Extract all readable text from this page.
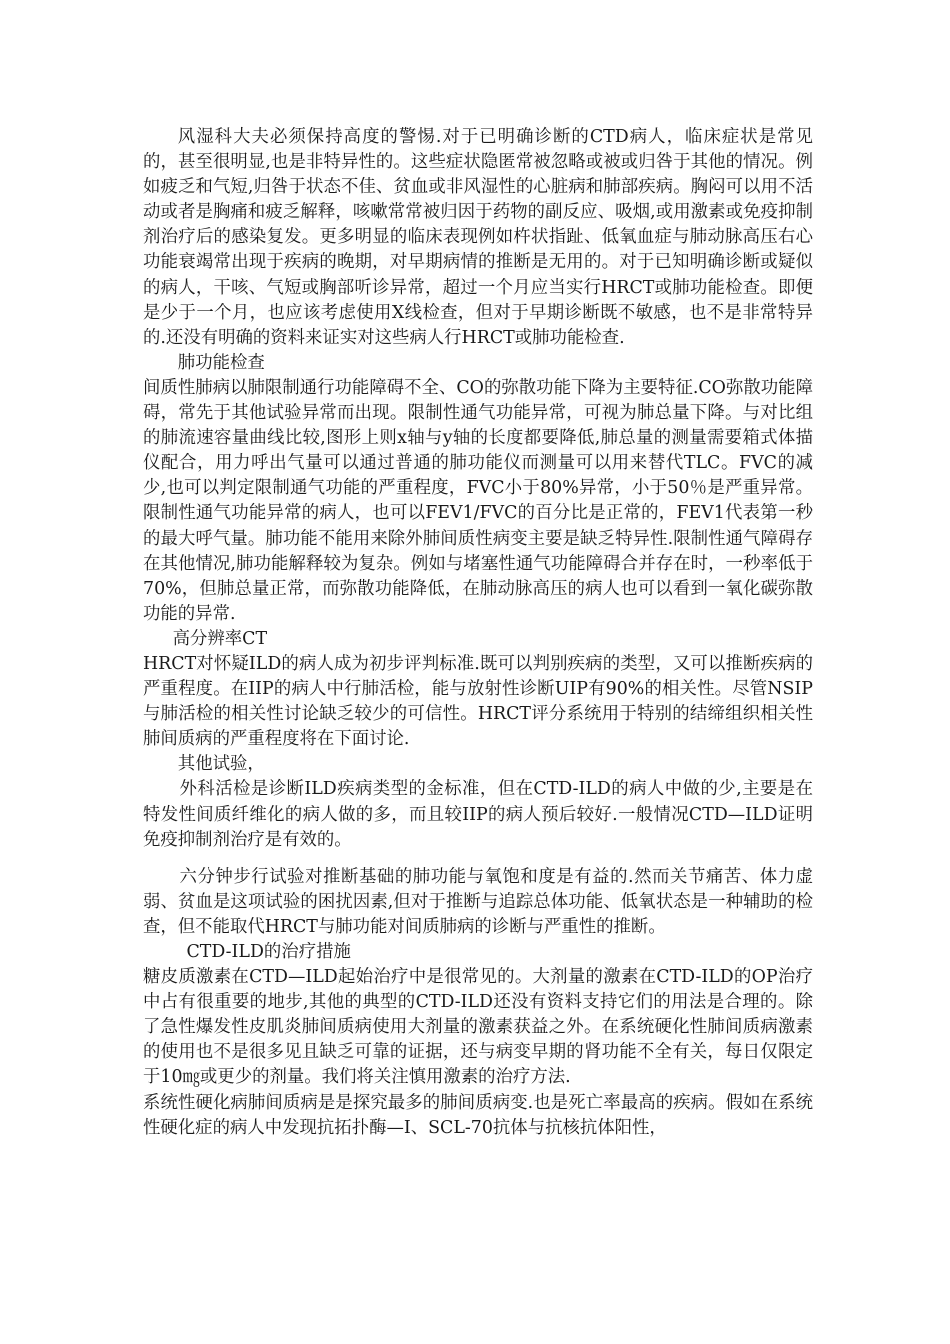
风湿科大夫必须保持高度的警惕.对于已明确诊断的CTD病人，临床症状是常见的，甚至很明显,也是非特异性的。这些症状隐匿常被忽略或被或归咎于其他的情况。例如疲乏和气短,归咎于状态不佳、贫血或非风湿性的心脏病和肺部疾病。胸闷可以用不活动或者是胸痛和疲乏解释，咳嗽常常被归因于药物的副反应、吸烟,或用激素或免疫抑制剂治疗后的感染复发。更多明显的临床表现例如杵状指趾、低氧血症与肺动脉高压右心功能衰竭常出现于疾病的晚期，对早期病情的推断是无用的。对于已知明确诊断或疑似的病人，干咳、气短或胸部听诊异常，超过一个月应当实行HRCT或肺功能检查。即便是少于一个月，也应该考虑使用X线检查，但对于早期诊断既不敏感，也不是非常特异的.还没有明确的资料来证实对这些病人行HRCT或肺功能检查.

肺功能检查

间质性肺病以肺限制通行功能障碍不全、CO的弥散功能下降为主要特征.CO弥散功能障碍，常先于其他试验异常而出现。限制性通气功能异常，可视为肺总量下降。与对比组的肺流速容量曲线比较,图形上则x轴与y轴的长度都要降低,肺总量的测量需要箱式体描仪配合，用力呼出气量可以通过普通的肺功能仪而测量可以用来替代TLC。FVC的减少,也可以判定限制通气功能的严重程度，FVC小于80%异常，小于50％是严重异常。限制性通气功能异常的病人，也可以FEV1/FVC的百分比是正常的，FEV1代表第一秒的最大呼气量。肺功能不能用来除外肺间质性病变主要是缺乏特异性.限制性通气障碍存在其他情况,肺功能解释较为复杂。例如与堵塞性通气功能障碍合并存在时，一秒率低于70%，但肺总量正常，而弥散功能降低，在肺动脉高压的病人也可以看到一氧化碳弥散功能的异常.

高分辨率CT

HRCT对怀疑ILD的病人成为初步评判标准.既可以判别疾病的类型，又可以推断疾病的严重程度。在IIP的病人中行肺活检，能与放射性诊断UIP有90%的相关性。尽管NSIP与肺活检的相关性讨论缺乏较少的可信性。HRCT评分系统用于特别的结缔组织相关性肺间质病的严重程度将在下面讨论.

其他试验，

外科活检是诊断ILD疾病类型的金标准，但在CTD-ILD的病人中做的少,主要是在特发性间质纤维化的病人做的多，而且较IIP的病人预后较好.一般情况CTD—ILD证明免疫抑制剂治疗是有效的。

六分钟步行试验对推断基础的肺功能与氧饱和度是有益的.然而关节痛苦、体力虚弱、贫血是这项试验的困扰因素,但对于推断与追踪总体功能、低氧状态是一种辅助的检查，但不能取代HRCT与肺功能对间质肺病的诊断与严重性的推断。

CTD-ILD的治疗措施

糖皮质激素在CTD—ILD起始治疗中是很常见的。大剂量的激素在CTD-ILD的OP治疗中占有很重要的地步,其他的典型的CTD-ILD还没有资料支持它们的用法是合理的。除了急性爆发性皮肌炎肺间质病使用大剂量的激素获益之外。在系统硬化性肺间质病激素的使用也不是很多见且缺乏可靠的证据，还与病变早期的肾功能不全有关，每日仅限定于10㎎或更少的剂量。我们将关注慎用激素的治疗方法.

系统性硬化病肺间质病是是探究最多的肺间质病变.也是死亡率最高的疾病。假如在系统性硬化症的病人中发现抗拓扑酶—Ⅰ、SCL-70抗体与抗核抗体阳性，
